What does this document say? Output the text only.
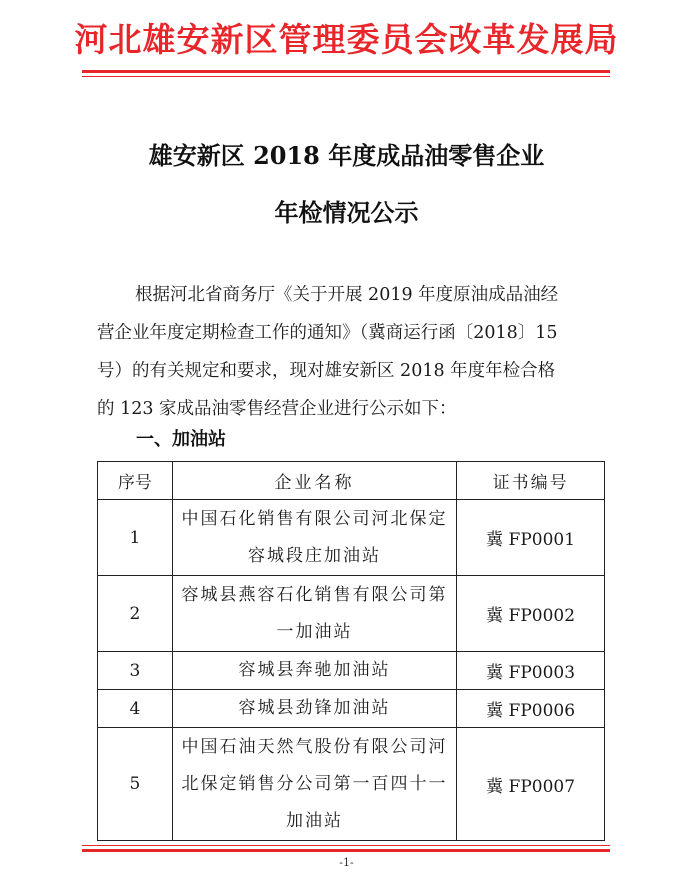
河北雄安新区管理委员会改革发展局
雄安新区 2018 年度成品油零售企业
年检情况公示
根据河北省商务厅《关于开展 2019 年度原油成品油经
营企业年度定期检查工作的通知》（冀商运行函〔2018〕15
号）的有关规定和要求，现对雄安新区 2018 年度年检合格
的 123 家成品油零售经营企业进行公示如下：
一、加油站
序号	企业名称	证书编号
1	中国石化销售有限公司河北保定
容城段庄加油站	冀 FP0001
2	容城县燕容石化销售有限公司第
一加油站	冀 FP0002
3	容城县奔驰加油站	冀 FP0003
4	容城县劲锋加油站	冀 FP0006
5	中国石油天然气股份有限公司河
北保定销售分公司第一百四十一
加油站	冀 FP0007
-1-
